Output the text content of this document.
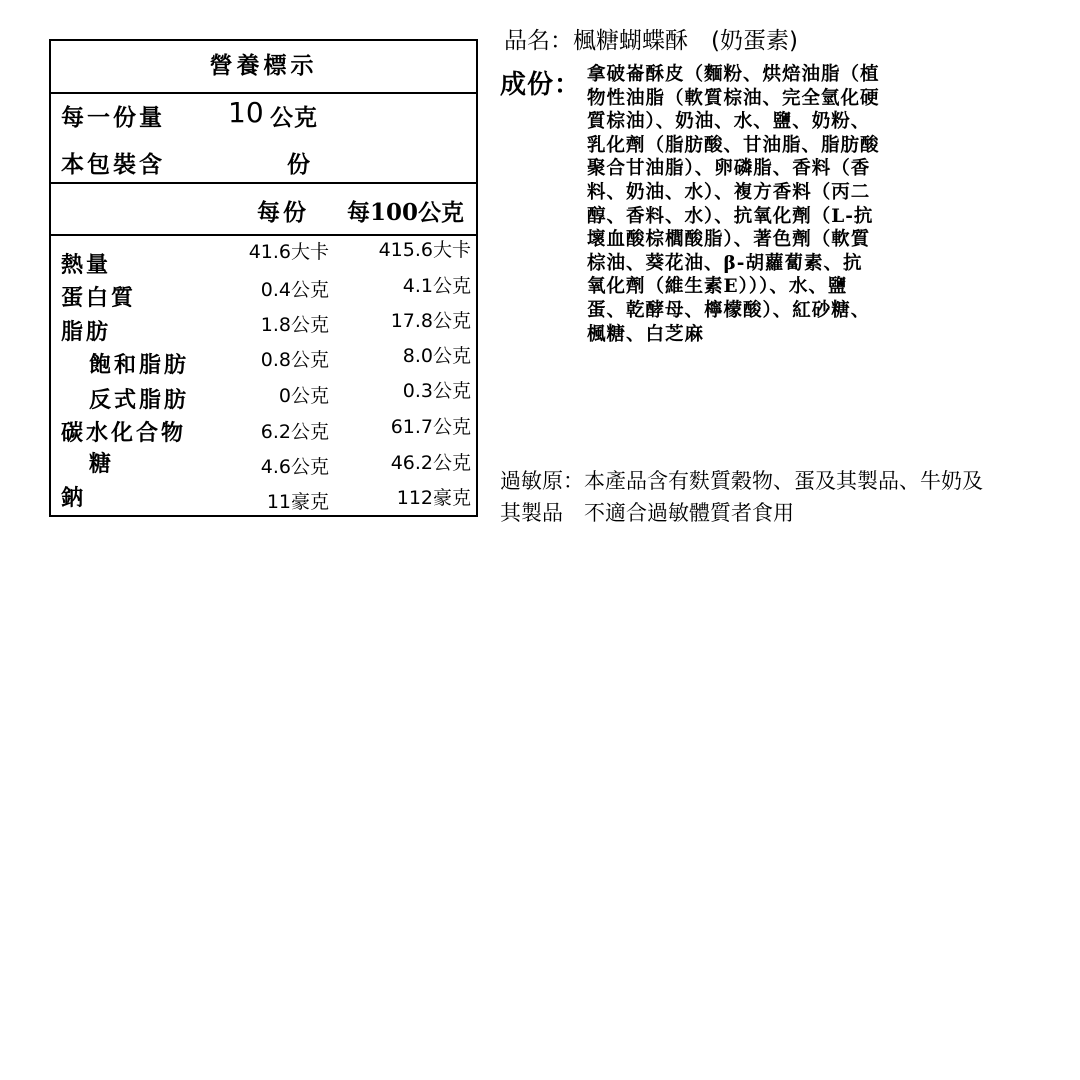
營養標示
每一份量 10 公克
本包裝含	份
每份 每100公克
熱量	41.6大卡	415.6大卡
蛋白質	0.4公克	4.1公克
脂肪	1.8公克	17.8公克
飽和脂肪	0.8公克	8.0公克
反式脂肪	0公克	0.3公克
碳水化合物	6.2公克	61.7公克
糖	4.6公克	46.2公克
鈉	11豪克	112豪克
品名：楓糖蝴蝶酥　(奶蛋素)
成份： 拿破崙酥皮（麵粉、烘焙油脂（植
物性油脂（軟質棕油、完全氫化硬
質棕油）、奶油、水、鹽、奶粉、
乳化劑（脂肪酸、甘油脂、脂肪酸
聚合甘油脂）、卵磷脂、香料（香
料、奶油、水）、複方香料（丙二
醇、香料、水）、抗氧化劑（L-抗
壞血酸棕櫚酸脂）、著色劑（軟質
棕油、葵花油、β-胡蘿蔔素、抗
氧化劑（維生素E）））、水、鹽
蛋、乾酵母、檸檬酸）、紅砂糖、
楓糖、白芝麻
過敏原：本產品含有麩質穀物、蛋及其製品、牛奶及
其製品　不適合過敏體質者食用
